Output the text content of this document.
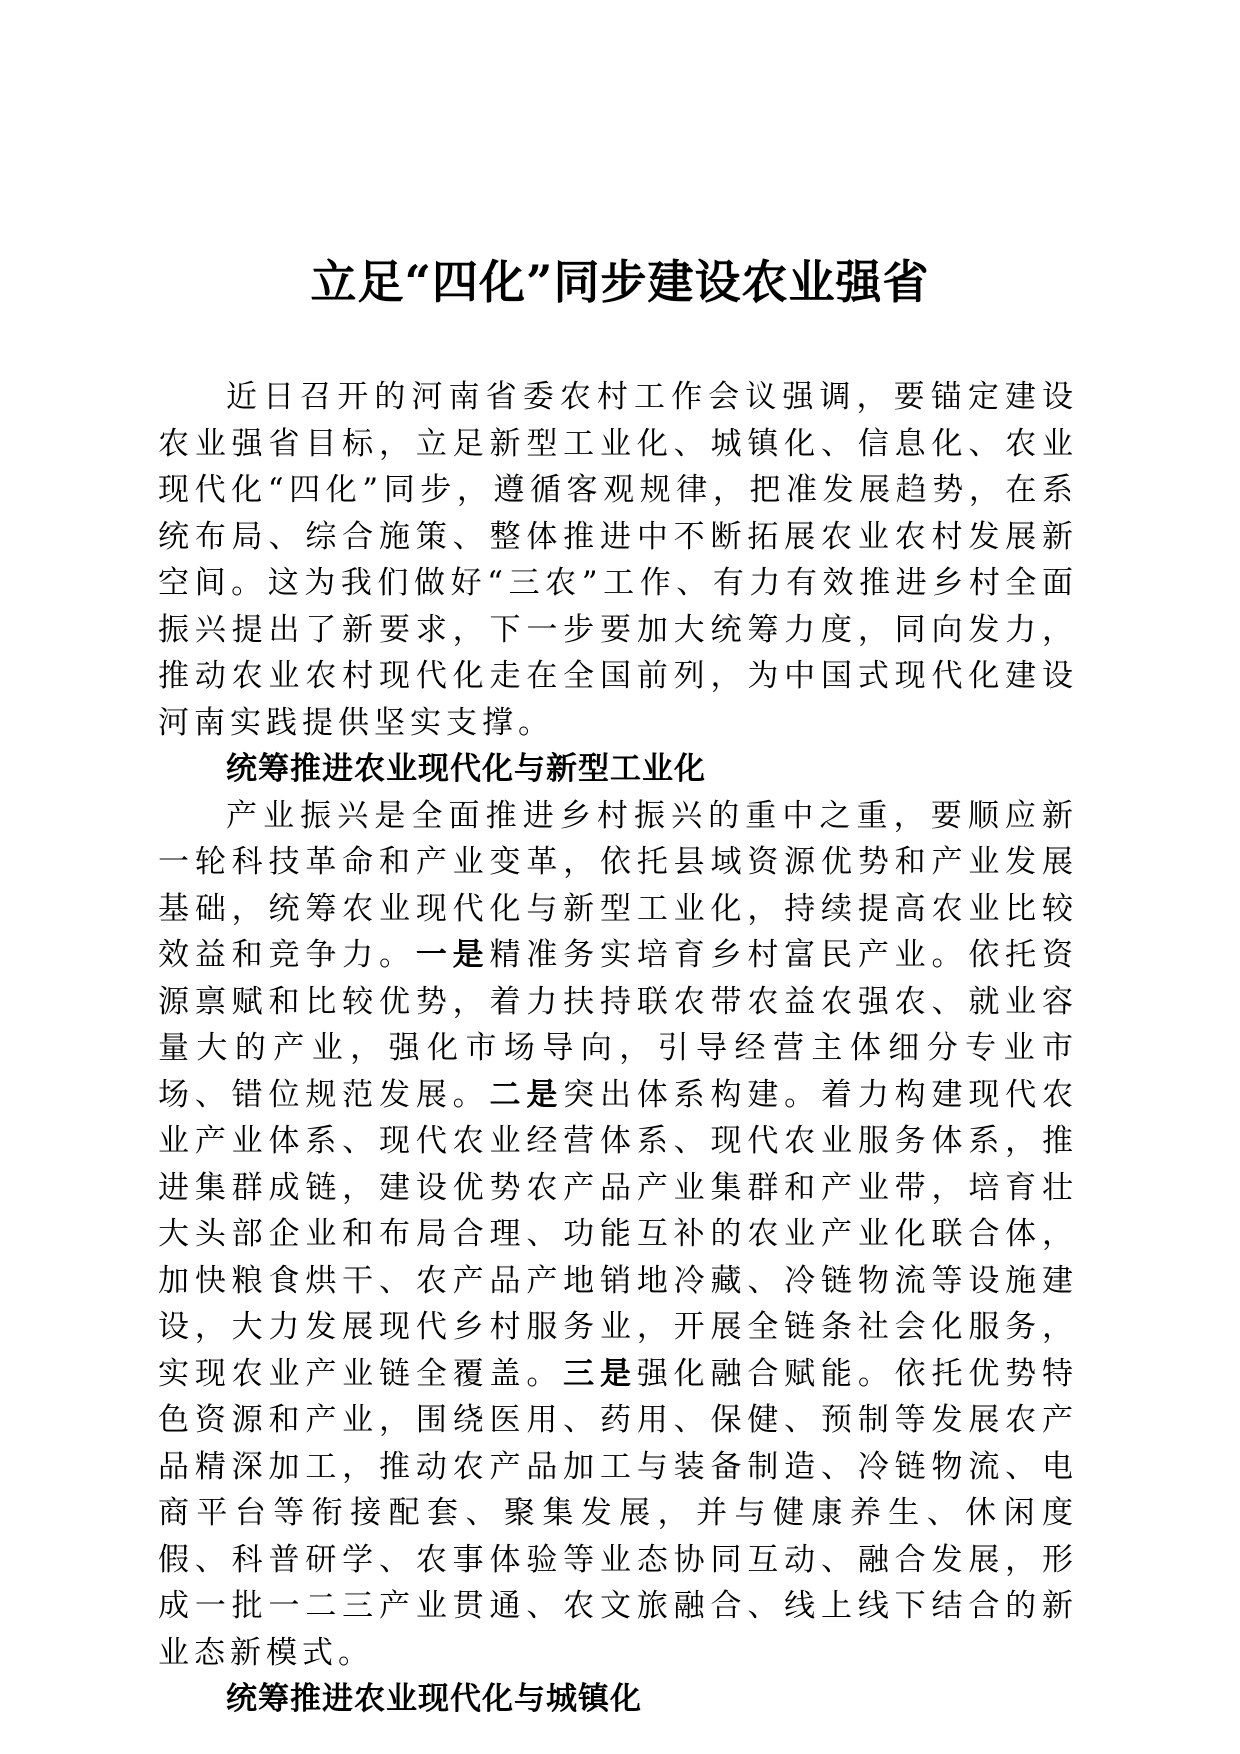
立足“四化”同步建设农业强省

近日召开的河南省委农村工作会议强调，要锚定建设农业强省目标，立足新型工业化、城镇化、信息化、农业现代化“四化”同步，遵循客观规律，把准发展趋势，在系统布局、综合施策、整体推进中不断拓展农业农村发展新空间。这为我们做好“三农”工作、有力有效推进乡村全面振兴提出了新要求，下一步要加大统筹力度，同向发力，推动农业农村现代化走在全国前列，为中国式现代化建设河南实践提供坚实支撑。

统筹推进农业现代化与新型工业化

产业振兴是全面推进乡村振兴的重中之重，要顺应新一轮科技革命和产业变革，依托县域资源优势和产业发展基础，统筹农业现代化与新型工业化，持续提高农业比较效益和竞争力。一是精准务实培育乡村富民产业。依托资源禀赋和比较优势，着力扶持联农带农益农强农、就业容量大的产业，强化市场导向，引导经营主体细分专业市场、错位规范发展。二是突出体系构建。着力构建现代农业产业体系、现代农业经营体系、现代农业服务体系，推进集群成链，建设优势农产品产业集群和产业带，培育壮大头部企业和布局合理、功能互补的农业产业化联合体，加快粮食烘干、农产品产地销地冷藏、冷链物流等设施建设，大力发展现代乡村服务业，开展全链条社会化服务，实现农业产业链全覆盖。三是强化融合赋能。依托优势特色资源和产业，围绕医用、药用、保健、预制等发展农产品精深加工，推动农产品加工与装备制造、冷链物流、电商平台等衔接配套、聚集发展，并与健康养生、休闲度假、科普研学、农事体验等业态协同互动、融合发展，形成一批一二三产业贯通、农文旅融合、线上线下结合的新业态新模式。

统筹推进农业现代化与城镇化
